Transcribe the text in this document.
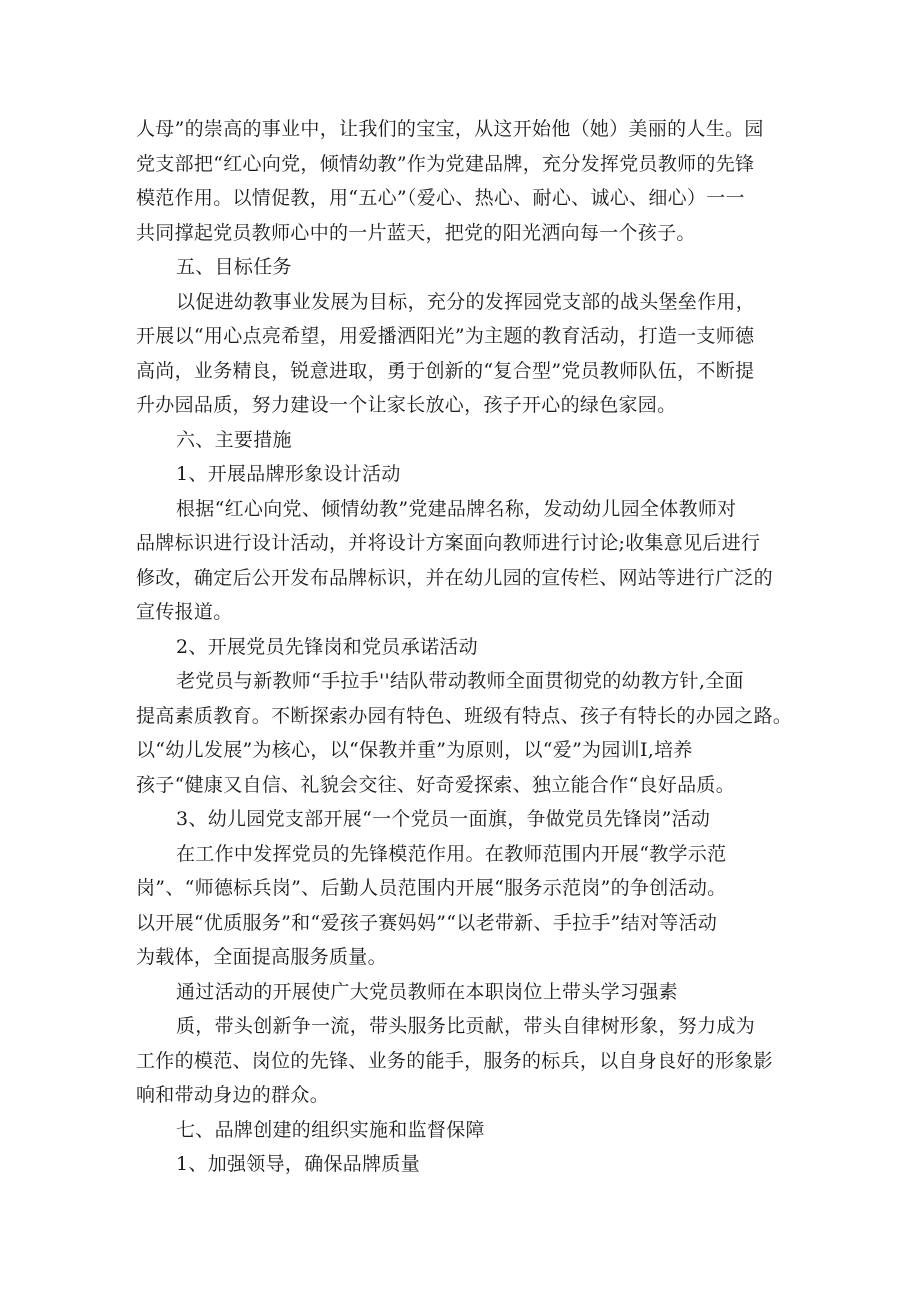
人母”的崇高的事业中，让我们的宝宝，从这开始他（她）美丽的人生。园
党支部把“红心向党，倾情幼教”作为党建品牌，充分发挥党员教师的先锋
模范作用。以情促教，用“五心”（爱心、热心、耐心、诚心、细心）一一
共同撑起党员教师心中的一片蓝天，把党的阳光洒向每一个孩子。
五、目标任务
以促进幼教事业发展为目标，充分的发挥园党支部的战头堡垒作用，
开展以“用心点亮希望，用爱播洒阳光”为主题的教育活动，打造一支师德
高尚，业务精良，锐意进取，勇于创新的“复合型”党员教师队伍，不断提
升办园品质，努力建设一个让家长放心，孩子开心的绿色家园。
六、主要措施
1、开展品牌形象设计活动
根据“红心向党、倾情幼教”党建品牌名称，发动幼儿园全体教师对
品牌标识进行设计活动，并将设计方案面向教师进行讨论;收集意见后进行
修改，确定后公开发布品牌标识，并在幼儿园的宣传栏、网站等进行广泛的
宣传报道。
2、开展党员先锋岗和党员承诺活动
老党员与新教师“手拉手''结队带动教师全面贯彻党的幼教方针,全面
提高素质教育。不断探索办园有特色、班级有特点、孩子有特长的办园之路。
以“幼儿发展”为核心，以“保教并重”为原则，以“爱”为园训I,培养
孩子“健康又自信、礼貌会交往、好奇爱探索、独立能合作“良好品质。
3、幼儿园党支部开展“一个党员一面旗，争做党员先锋岗”活动
在工作中发挥党员的先锋模范作用。在教师范围内开展“教学示范
岗”、“师德标兵岗”、后勤人员范围内开展“服务示范岗”的争创活动。
以开展“优质服务”和“爱孩子赛妈妈”“以老带新、手拉手”结对等活动
为载体，全面提高服务质量。
通过活动的开展使广大党员教师在本职岗位上带头学习强素
质，带头创新争一流，带头服务比贡献，带头自律树形象，努力成为
工作的模范、岗位的先锋、业务的能手，服务的标兵，以自身良好的形象影
响和带动身边的群众。
七、品牌创建的组织实施和监督保障
1、加强领导，确保品牌质量
